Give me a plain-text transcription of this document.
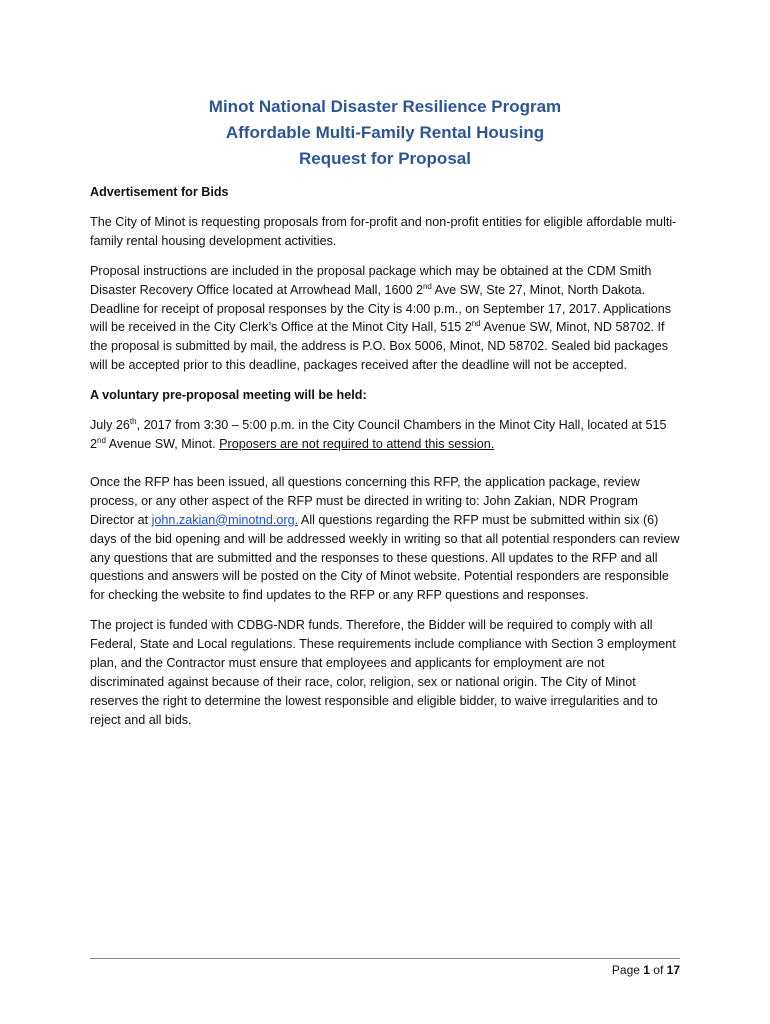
Minot National Disaster Resilience Program
Affordable Multi-Family Rental Housing
Request for Proposal
Advertisement for Bids

The City of Minot is requesting proposals from for-profit and non-profit entities for eligible affordable multi-family rental housing development activities.

Proposal instructions are included in the proposal package which may be obtained at the CDM Smith Disaster Recovery Office located at Arrowhead Mall, 1600 2nd Ave SW, Ste 27, Minot, North Dakota. Deadline for receipt of proposal responses by the City is 4:00 p.m., on September 17, 2017. Applications will be received in the City Clerk’s Office at the Minot City Hall, 515 2nd Avenue SW, Minot, ND 58702. If the proposal is submitted by mail, the address is P.O. Box 5006, Minot, ND 58702. Sealed bid packages will be accepted prior to this deadline, packages received after the deadline will not be accepted.

A voluntary pre-proposal meeting will be held:

July 26th, 2017 from 3:30 – 5:00 p.m. in the City Council Chambers in the Minot City Hall, located at 515 2nd Avenue SW, Minot. Proposers are not required to attend this session.

Once the RFP has been issued, all questions concerning this RFP, the application package, review process, or any other aspect of the RFP must be directed in writing to: John Zakian, NDR Program Director at john.zakian@minotnd.org. All questions regarding the RFP must be submitted within six (6) days of the bid opening and will be addressed weekly in writing so that all potential responders can review any questions that are submitted and the responses to these questions. All updates to the RFP and all questions and answers will be posted on the City of Minot website. Potential responders are responsible for checking the website to find updates to the RFP or any RFP questions and responses.

The project is funded with CDBG-NDR funds. Therefore, the Bidder will be required to comply with all Federal, State and Local regulations. These requirements include compliance with Section 3 employment plan, and the Contractor must ensure that employees and applicants for employment are not discriminated against because of their race, color, religion, sex or national origin. The City of Minot reserves the right to determine the lowest responsible and eligible bidder, to waive irregularities and to reject and all bids.

Page 1 of 17
